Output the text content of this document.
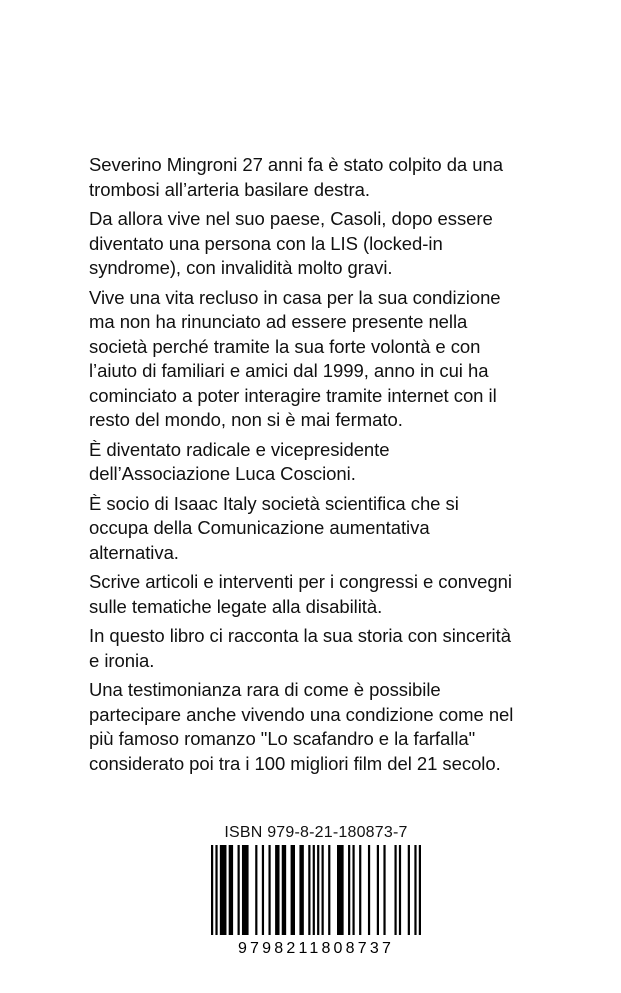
Severino Mingroni 27 anni fa è stato colpito da una
trombosi all’arteria basilare destra.

Da allora vive nel suo paese, Casoli, dopo essere
diventato una persona con la LIS (locked-in
syndrome), con invalidità molto gravi.

Vive una vita recluso in casa per la sua condizione
ma non ha rinunciato ad essere presente nella
società perché tramite la sua forte volontà e con
l’aiuto di familiari e amici dal 1999, anno in cui ha
cominciato a poter interagire tramite internet con il
resto del mondo, non si è mai fermato.

È diventato radicale e vicepresidente
dell’Associazione Luca Coscioni.

È socio di Isaac Italy società scientifica che si
occupa della Comunicazione aumentativa
alternativa.

Scrive articoli e interventi per i congressi e convegni
sulle tematiche legate alla disabilità.

In questo libro ci racconta la sua storia con sincerità
e ironia.

Una testimonianza rara di come è possibile
partecipare anche vivendo una condizione come nel
più famoso romanzo "Lo scafandro e la farfalla"
considerato poi tra i 100 migliori film del 21 secolo.

ISBN 979-8-21-180873-7
9798211808737
